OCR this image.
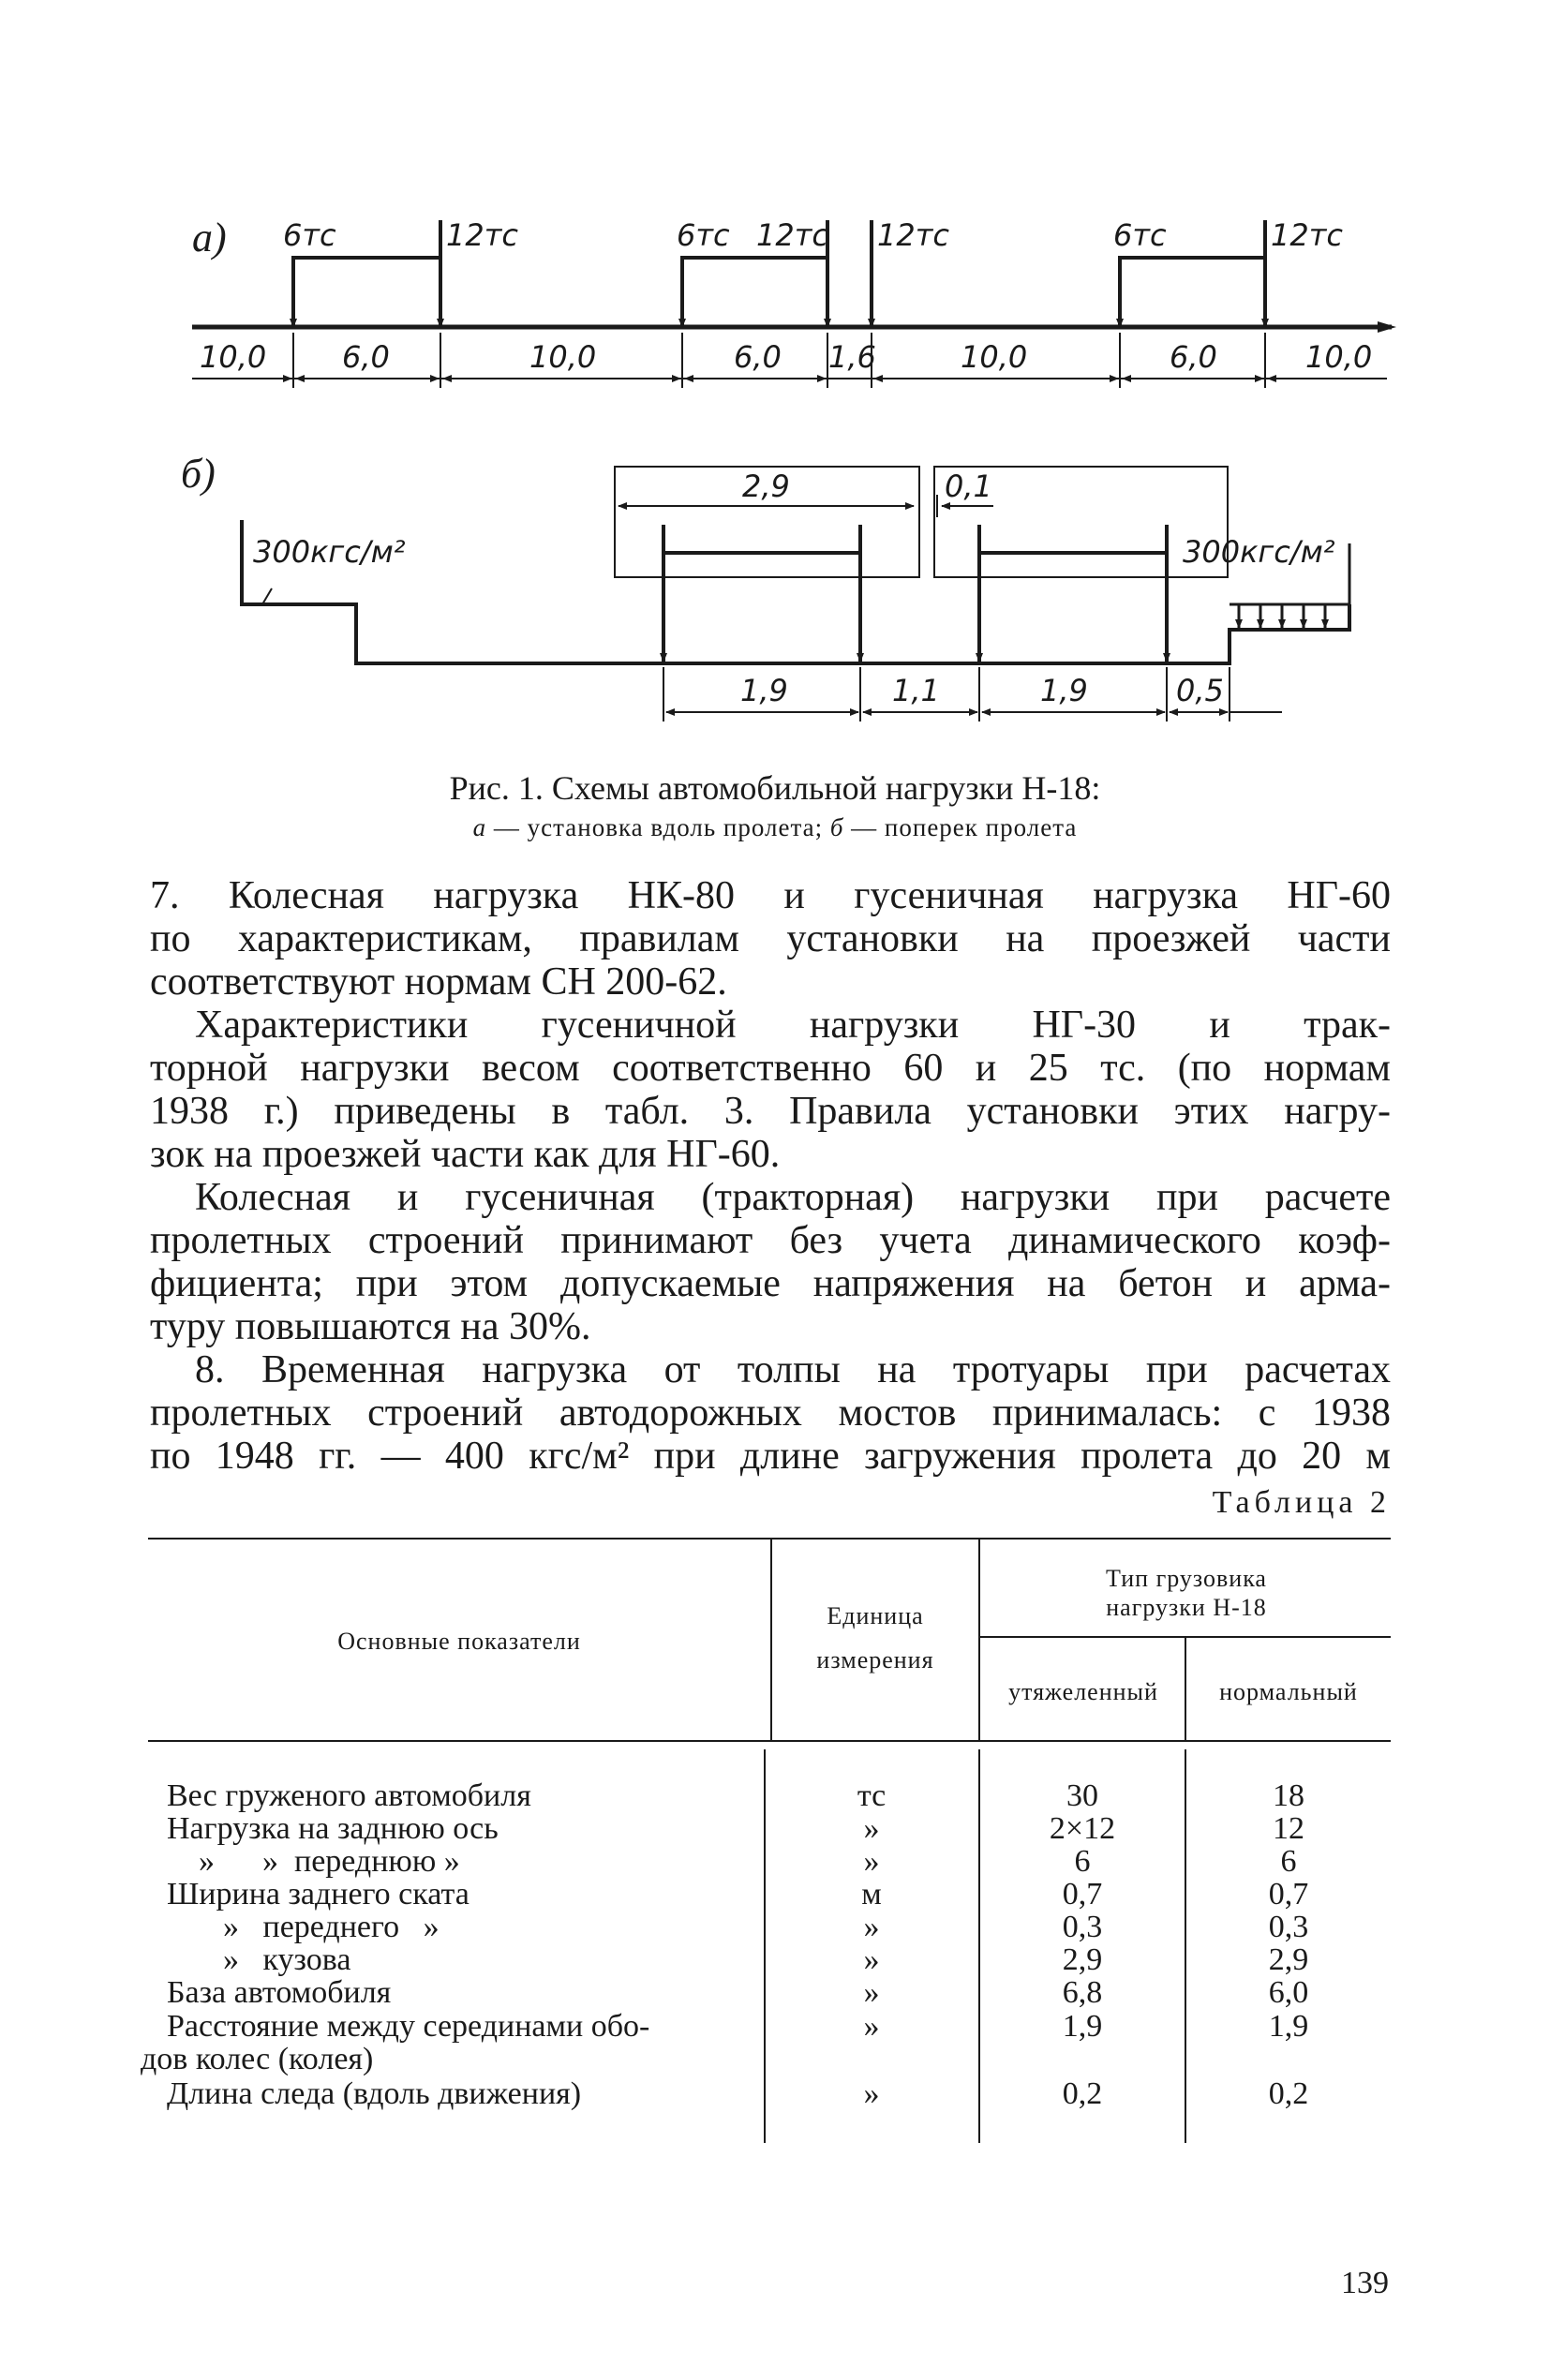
а) 6тс	12тс	6тс 12тс 12тс	6тс	12тс
10,0	6,0	10,0	6,0 1,6	10,0	6,0	10,0
б)
300кгс/м²	300кгс/м²
2,9	0,1
1,9	1,1	1,9	0,5
Рис. 1. Схемы автомобильной нагрузки Н-18:
а — установка вдоль пролета; б — поперек пролета
7. Колесная нагрузка НК-80 и гусеничная нагрузка НГ-60
по характеристикам, правилам установки на проезжей части
соответствуют нормам СН 200-62.
Характеристики гусеничной нагрузки НГ-30 и трак-
торной нагрузки весом соответственно 60 и 25 тс. (по нормам
1938 г.) приведены в табл. 3. Правила установки этих нагру-
зок на проезжей части как для НГ-60.
Колесная и гусеничная (тракторная) нагрузки при расчете
пролетных строений принимают без учета динамического коэф-
фициента; при этом допускаемые напряжения на бетон и арма-
туру повышаются на 30%.
8. Временная нагрузка от толпы на тротуары при расчетах
пролетных строений автодорожных мостов принималась: с 1938
по 1948 гг. — 400 кгс/м² при длине загружения пролета до 20 м
Таблица 2
Основные показатели
Единица
измерения
Тип грузовика
нагрузки Н-18
утяжеленный	нормальный
Вес груженого автомобиля	тс	30	18
Нагрузка на заднюю ось	»	2×12	12
»      »  переднюю »	»	6	6
Ширина заднего ската	м	0,7	0,7
»   переднего   »	»	0,3	0,3
»   кузова	»	2,9	2,9
База автомобиля	»	6,8	6,0
Расстояние между серединами обо-
дов колес (колея)
»	1,9	1,9
Длина следа (вдоль движения)	»	0,2	0,2
139
